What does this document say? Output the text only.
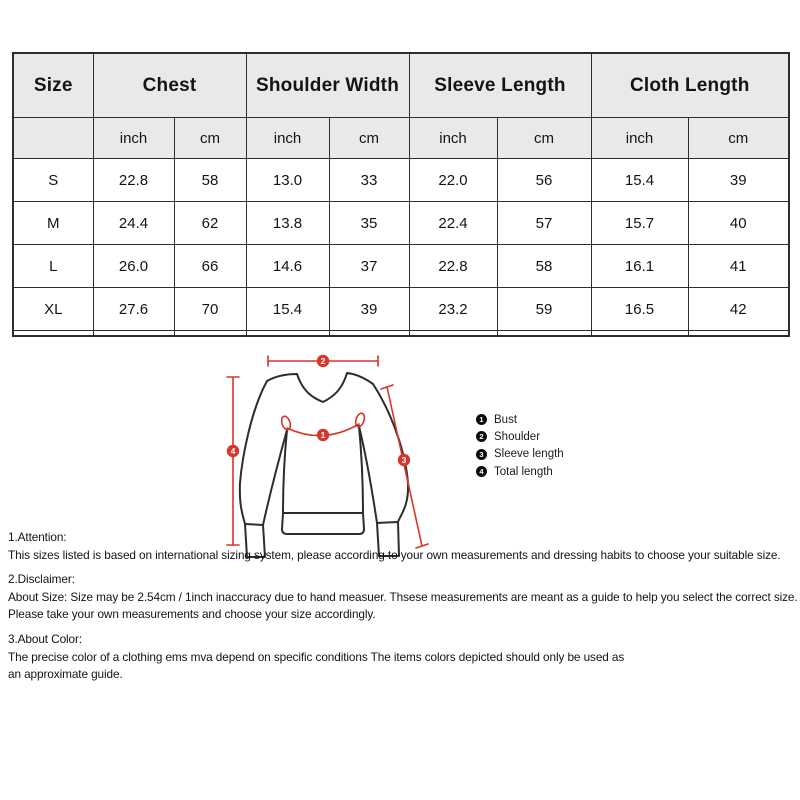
Size	Chest		Shoulder Width		Sleeve Length		Cloth Length	
	inch	cm	inch	cm	inch	cm	inch	cm
S	22.8	58	13.0	33	22.0	56	15.4	39
M	24.4	62	13.8	35	22.4	57	15.7	40
L	26.0	66	14.6	37	22.8	58	16.1	41
XL	27.6	70	15.4	39	23.2	59	16.5	42

2
1
3
4
1 Bust
2 Shoulder
3 Sleeve length
4 Total length
1.Attention:
This sizes listed is based on international sizing system, please according to your own measurements and dressing habits to choose your suitable size.
2.Disclaimer:
About Size: Size may be 2.54cm / 1inch inaccuracy due to hand measuer. Thsese measurements are meant as a guide to help you select the correct size.
Please take your own measurements and choose your size accordingly.
3.About Color:
The precise color of a clothing ems mva depend on specific conditions The items colors depicted should only be used as
an approximate guide.
